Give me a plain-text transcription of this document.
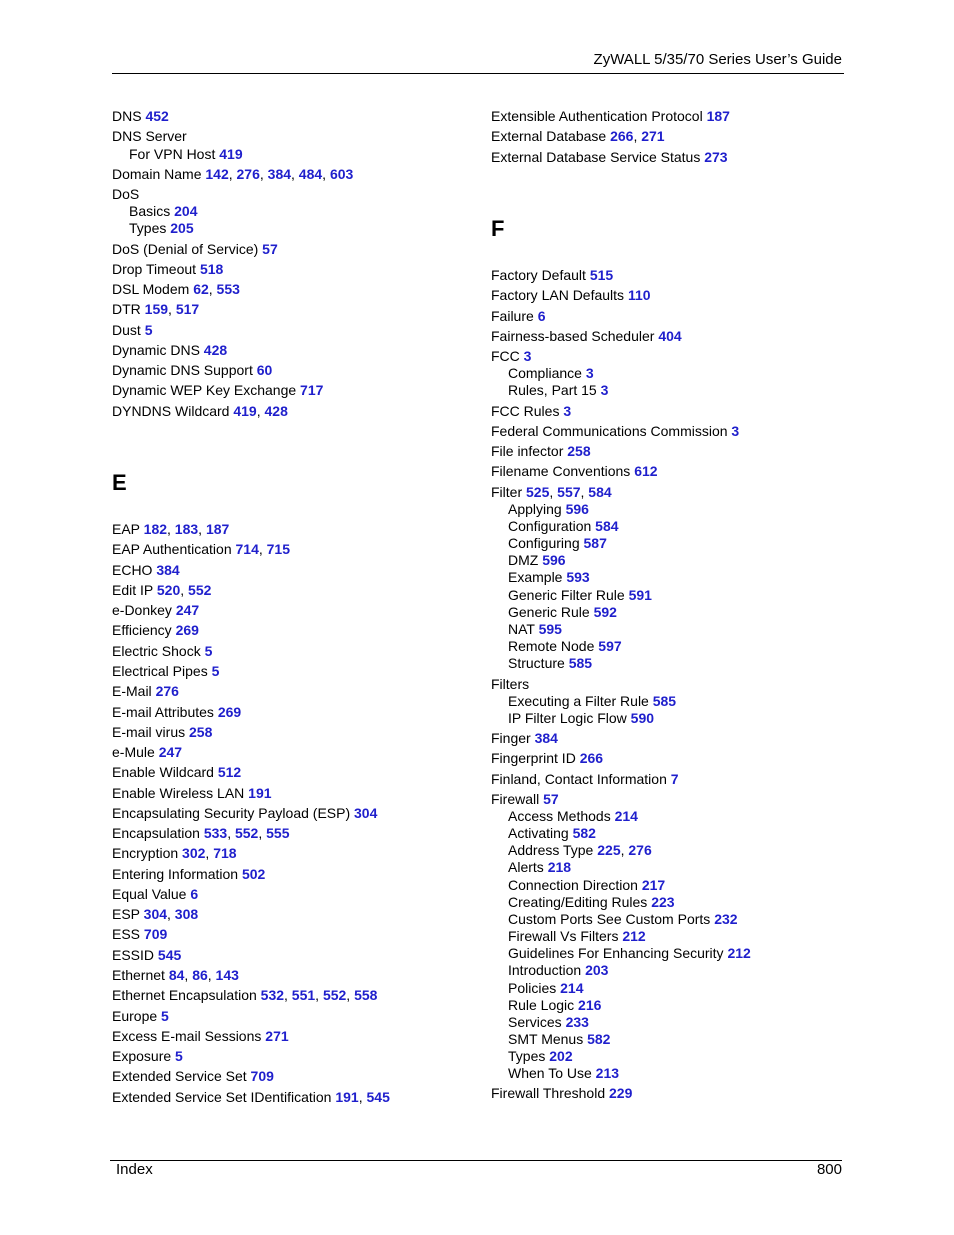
ZyWALL 5/35/70 Series User’s Guide
DNS 452
DNS Server
For VPN Host 419
Domain Name 142, 276, 384, 484, 603
DoS
Basics 204
Types 205
DoS (Denial of Service) 57
Drop Timeout 518
DSL Modem 62, 553
DTR 159, 517
Dust 5
Dynamic DNS 428
Dynamic DNS Support 60
Dynamic WEP Key Exchange 717
DYNDNS Wildcard 419, 428
E
EAP 182, 183, 187
EAP Authentication 714, 715
ECHO 384
Edit IP 520, 552
e-Donkey 247
Efficiency 269
Electric Shock 5
Electrical Pipes 5
E-Mail 276
E-mail Attributes 269
E-mail virus 258
e-Mule 247
Enable Wildcard 512
Enable Wireless LAN 191
Encapsulating Security Payload (ESP) 304
Encapsulation 533, 552, 555
Encryption 302, 718
Entering Information 502
Equal Value 6
ESP 304, 308
ESS 709
ESSID 545
Ethernet 84, 86, 143
Ethernet Encapsulation 532, 551, 552, 558
Europe 5
Excess E-mail Sessions 271
Exposure 5
Extended Service Set 709
Extended Service Set IDentification 191, 545
Extensible Authentication Protocol 187
External Database 266, 271
External Database Service Status 273
F
Factory Default 515
Factory LAN Defaults 110
Failure 6
Fairness-based Scheduler 404
FCC 3
Compliance 3
Rules, Part 15 3
FCC Rules 3
Federal Communications Commission 3
File infector 258
Filename Conventions 612
Filter 525, 557, 584
Applying 596
Configuration 584
Configuring 587
DMZ 596
Example 593
Generic Filter Rule 591
Generic Rule 592
NAT 595
Remote Node 597
Structure 585
Filters
Executing a Filter Rule 585
IP Filter Logic Flow 590
Finger 384
Fingerprint ID 266
Finland, Contact Information 7
Firewall 57
Access Methods 214
Activating 582
Address Type 225, 276
Alerts 218
Connection Direction 217
Creating/Editing Rules 223
Custom Ports See Custom Ports 232
Firewall Vs Filters 212
Guidelines For Enhancing Security 212
Introduction 203
Policies 214
Rule Logic 216
Services 233
SMT Menus 582
Types 202
When To Use 213
Firewall Threshold 229
Index	800
